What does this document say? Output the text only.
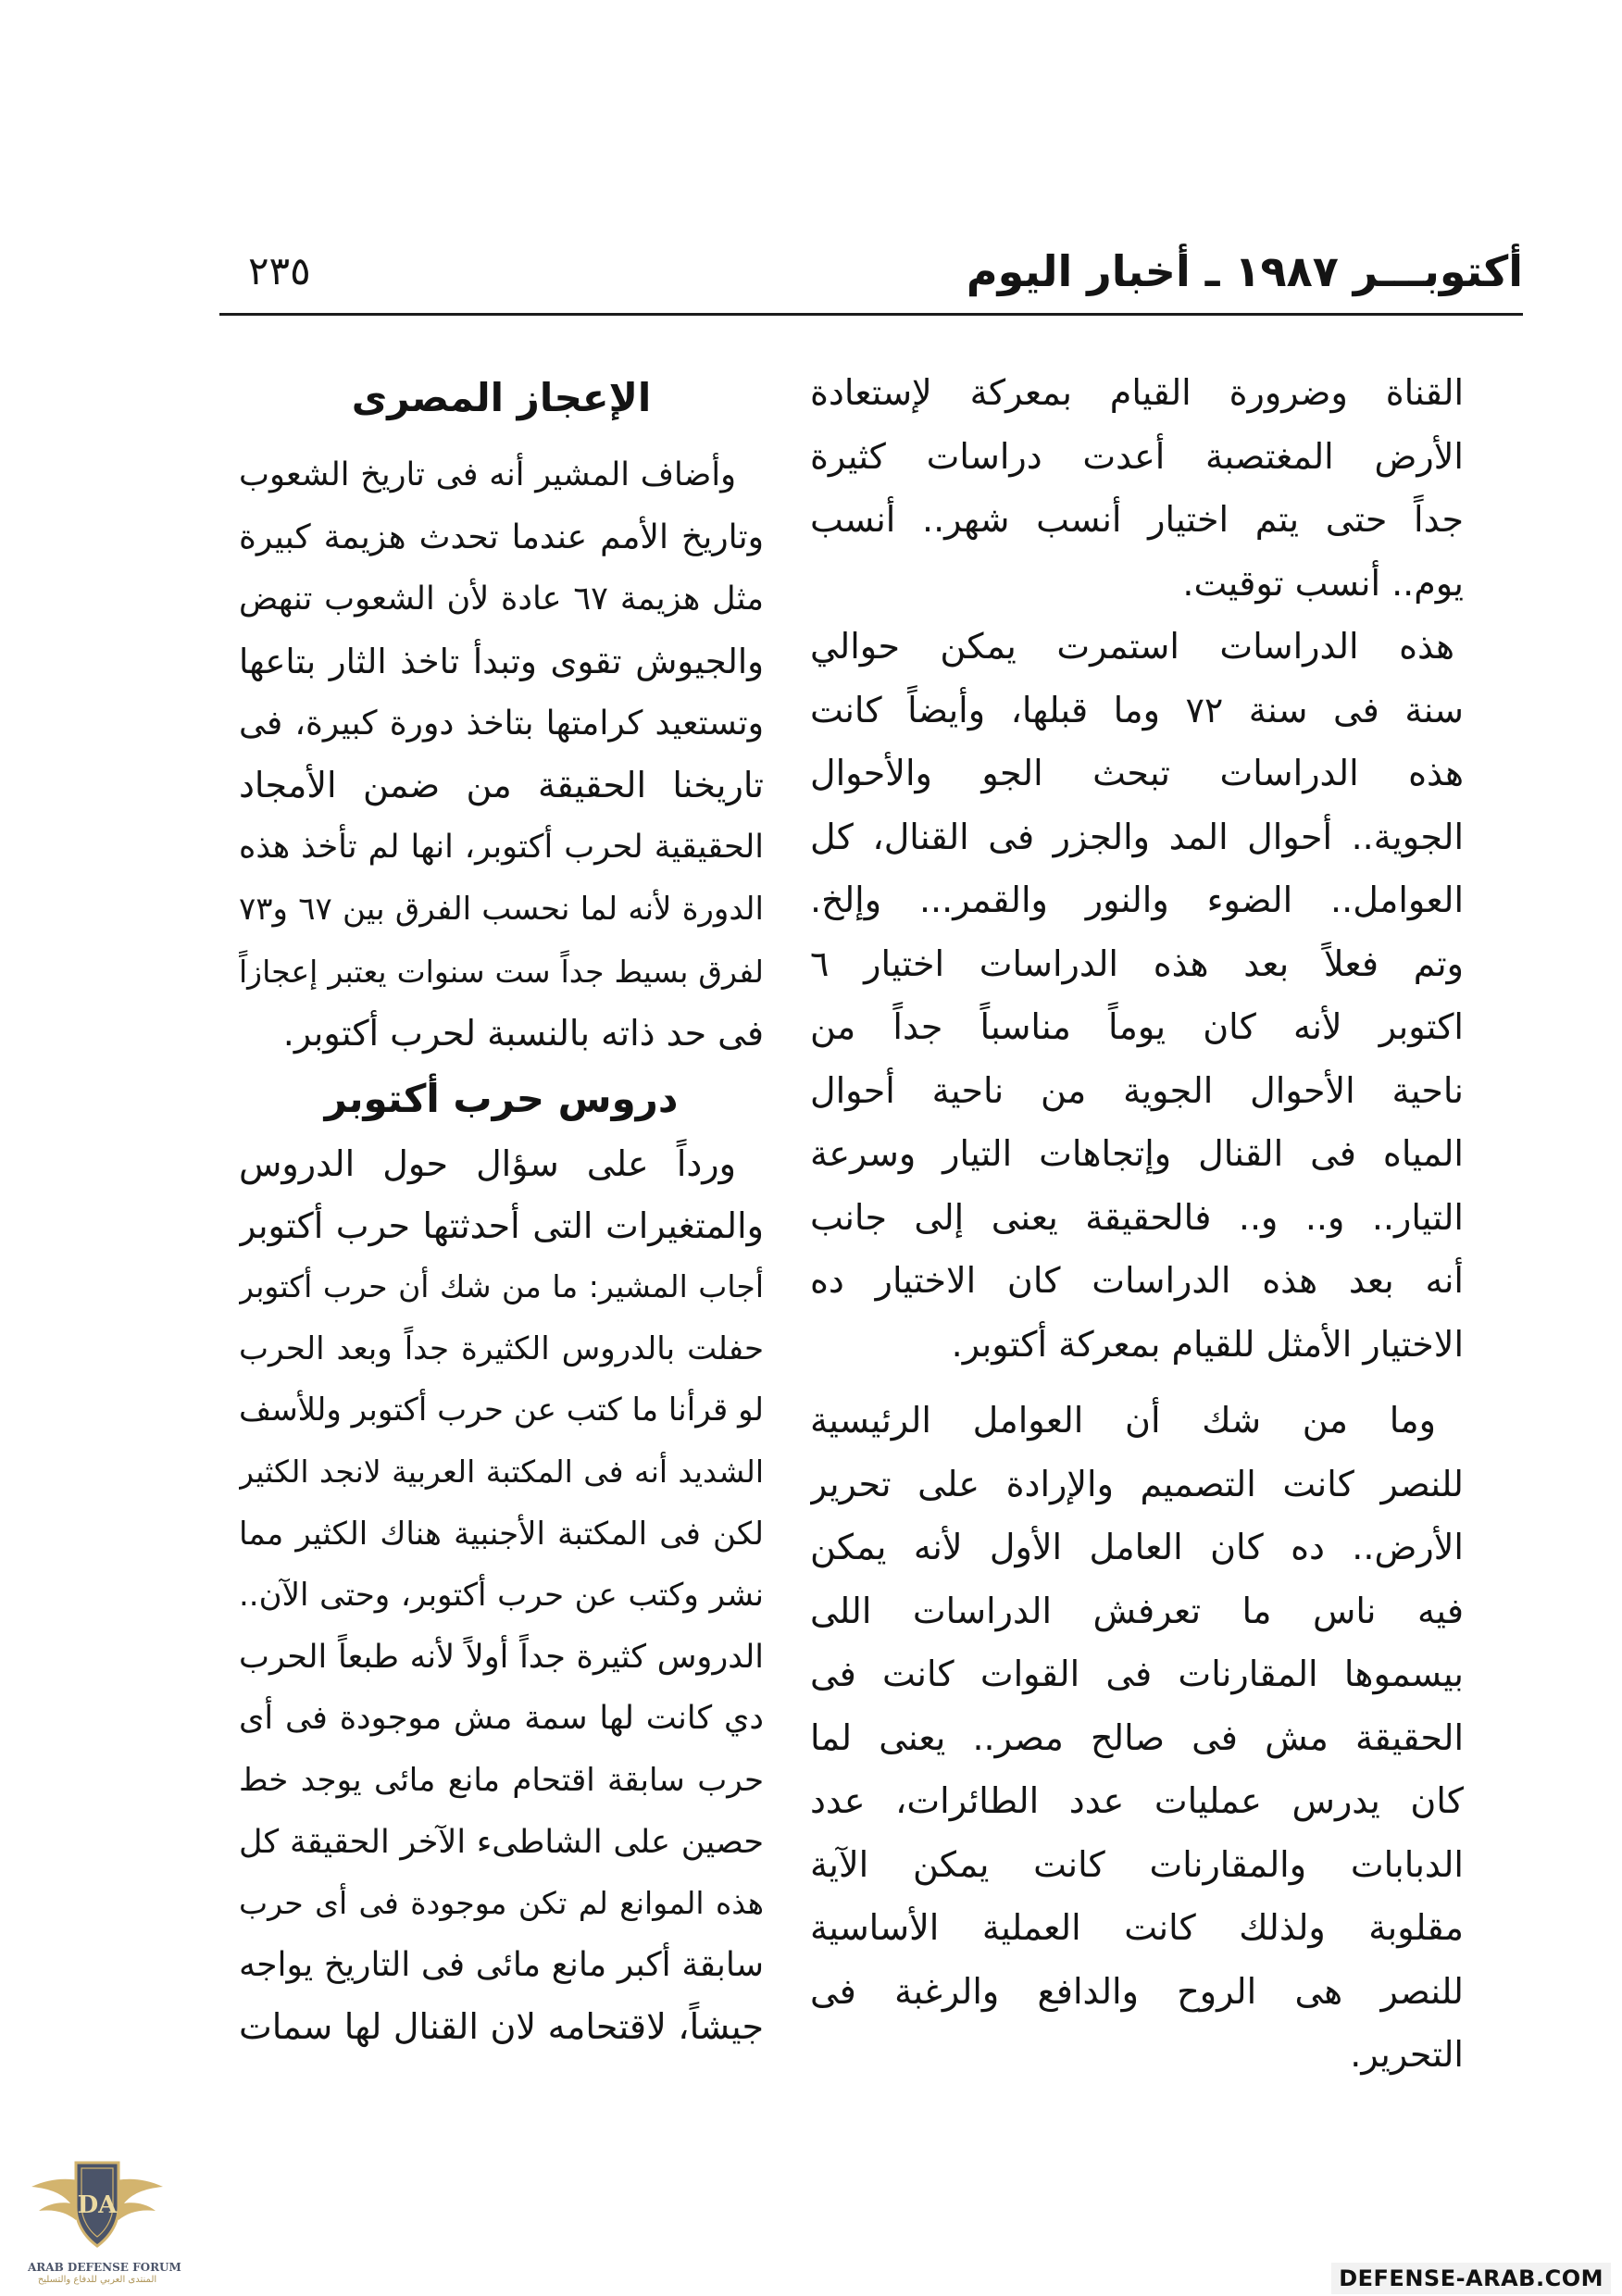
أكتوبـــر ١٩٨٧ ـ أخبار اليوم
٢٣٥
القناة وضرورة القيام بمعركة لإستعادة
الأرض المغتصبة أعدت دراسات كثيرة
جداً حتى يتم اختيار أنسب شهر.. أنسب
يوم.. أنسب توقيت.
هذه الدراسات استمرت يمكن حوالي
سنة فى سنة ٧٢ وما قبلها، وأيضاً كانت
هذه الدراسات تبحث الجو والأحوال
الجوية.. أحوال المد والجزر فى القنال، كل
العوامل.. الضوء والنور والقمر... وإلخ.
وتم فعلاً بعد هذه الدراسات اختيار ٦
اكتوبر لأنه كان يوماً مناسباً جداً من
ناحية الأحوال الجوية من ناحية أحوال
المياه فى القنال وإتجاهات التيار وسرعة
التيار.. و.. و.. فالحقيقة يعنى إلى جانب
أنه بعد هذه الدراسات كان الاختيار ده
الاختيار الأمثل للقيام بمعركة أكتوبر.
وما من شك أن العوامل الرئيسية
للنصر كانت التصميم والإرادة على تحرير
الأرض.. ده كان العامل الأول لأنه يمكن
فيه ناس ما تعرفش الدراسات اللى
بيسموها المقارنات فى القوات كانت فى
الحقيقة مش فى صالح مصر.. يعنى لما
كان يدرس عمليات عدد الطائرات، عدد
الدبابات والمقارنات كانت يمكن الآية
مقلوبة ولذلك كانت العملية الأساسية
للنصر هى الروح والدافع والرغبة فى
التحرير.
الإعجاز المصرى
وأضاف المشير أنه فى تاريخ الشعوب
وتاريخ الأمم عندما تحدث هزيمة كبيرة
مثل هزيمة ٦٧ عادة لأن الشعوب تنهض
والجيوش تقوى وتبدأ تاخذ الثار بتاعها
وتستعيد كرامتها بتاخذ دورة كبيرة، فى
تاريخنا الحقيقة من ضمن الأمجاد
الحقيقية لحرب أكتوبر، انها لم تأخذ هذه
الدورة لأنه لما نحسب الفرق بين ٦٧ و٧٣
لفرق بسيط جداً ست سنوات يعتبر إعجازاً
فى حد ذاته بالنسبة لحرب أكتوبر.
دروس حرب أكتوبر
ورداً على سؤال حول الدروس
والمتغيرات التى أحدثتها حرب أكتوبر
أجاب المشير: ما من شك أن حرب أكتوبر
حفلت بالدروس الكثيرة جداً وبعد الحرب
لو قرأنا ما كتب عن حرب أكتوبر وللأسف
الشديد أنه فى المكتبة العربية لانجد الكثير
لكن فى المكتبة الأجنبية هناك الكثير مما
نشر وكتب عن حرب أكتوبر، وحتى الآن..
الدروس كثيرة جداً أولاً لأنه طبعاً الحرب
دي كانت لها سمة مش موجودة فى أى
حرب سابقة اقتحام مانع مائى يوجد خط
حصين على الشاطىء الآخر الحقيقة كل
هذه الموانع لم تكن موجودة فى أى حرب
سابقة أكبر مانع مائى فى التاريخ يواجه
جيشاً، لاقتحامه لان القنال لها سمات
DA
ARAB DEFENSE FORUM
المنتدى العربي للدفاع والتسليح	DEFENSE-ARAB.COM
